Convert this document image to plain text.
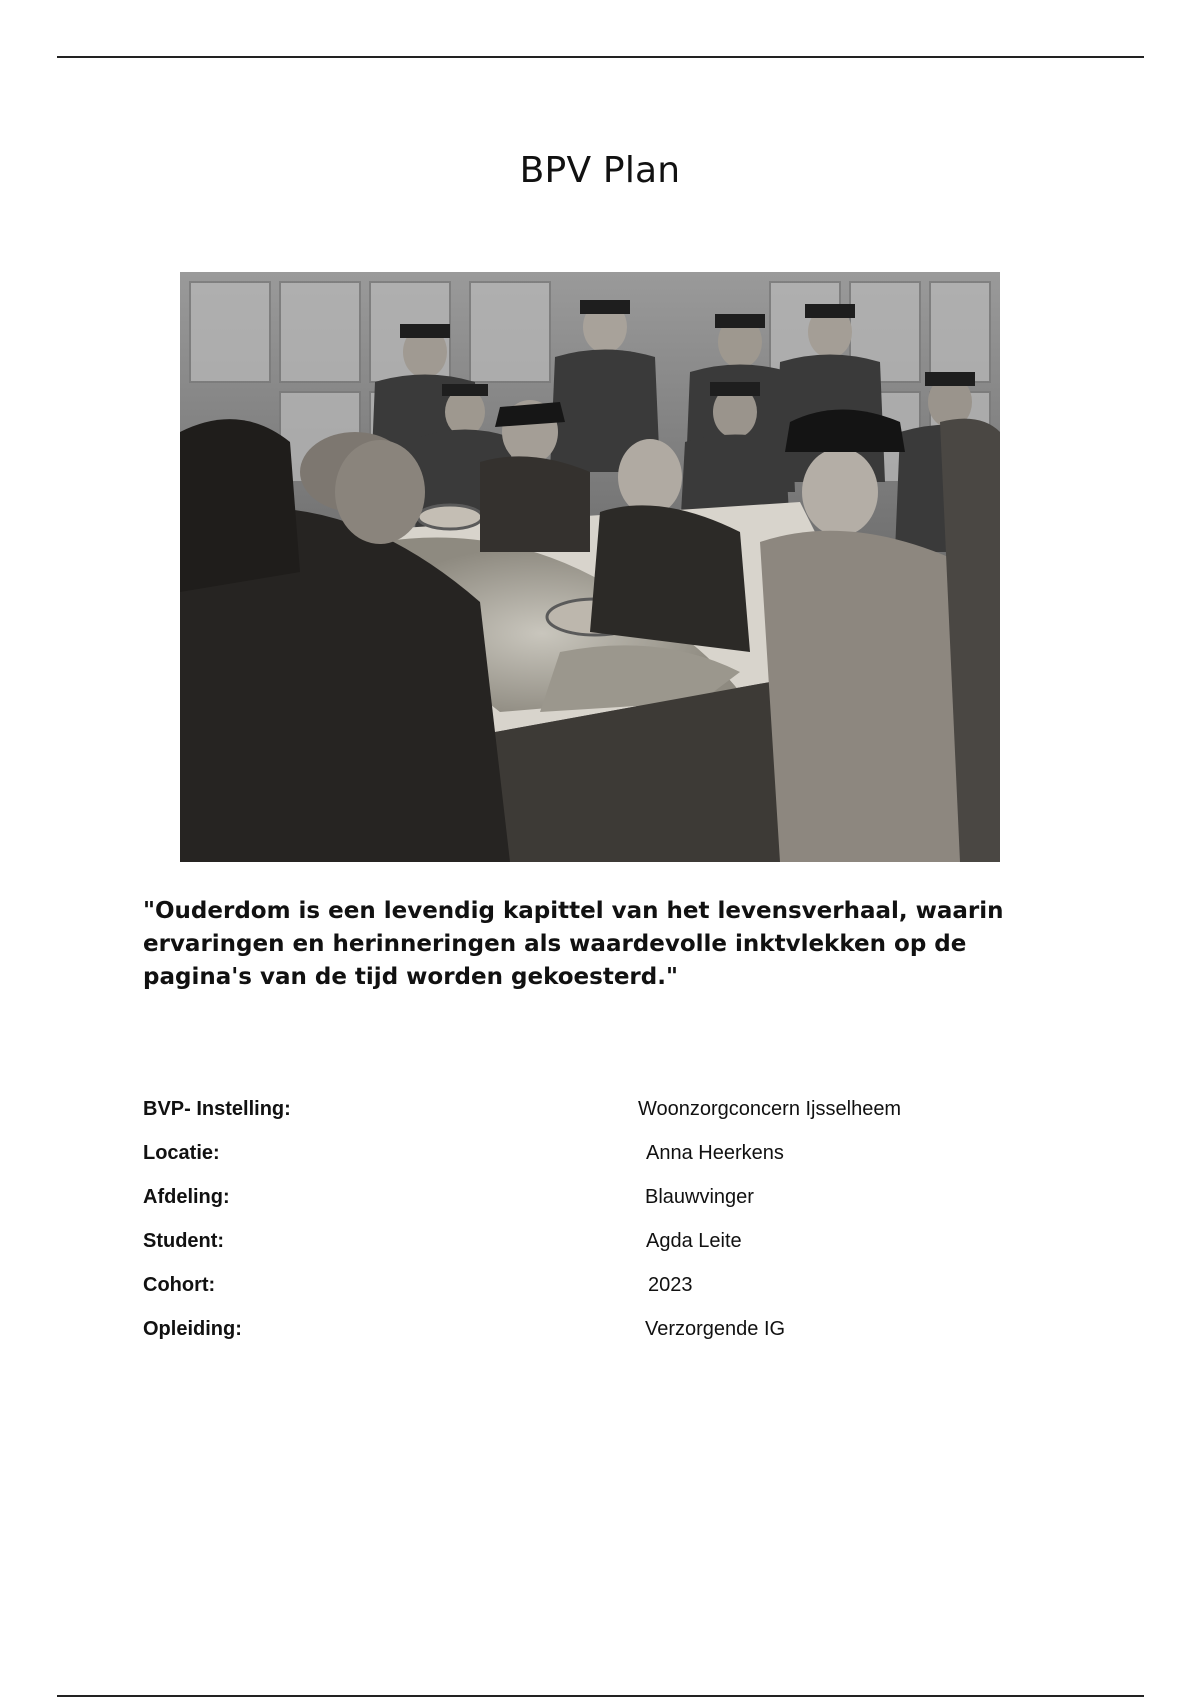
BPV Plan
"Ouderdom is een levendig kapittel van het levensverhaal, waarin ervaringen en herinneringen als waardevolle inktvlekken op de pagina's van de tijd worden gekoesterd."
BVP- Instelling:	Woonzorgconcern Ijsselheem
Locatie:	Anna Heerkens
Afdeling:	Blauwvinger
Student:	Agda Leite
Cohort:	2023
Opleiding:	Verzorgende IG
